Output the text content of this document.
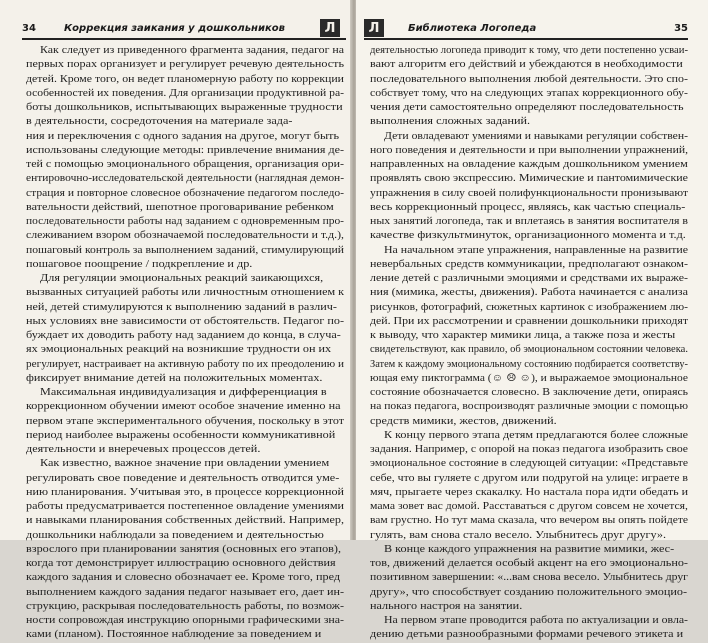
34	Коррекция заикания у дошкольников	Л
Как следует из приведенного фрагмента задания, педагог на
первых порах организует и регулирует речевую деятельность
детей. Кроме того, он ведет планомерную работу по коррекции
особенностей их поведения. Для организации продуктивной ра-
боты дошкольников, испытывающих выраженные трудности
в деятельности, сосредоточения на материале зада-
ния и переключения с одного задания на другое, могут быть
использованы следующие методы: привлечение внимания де-
тей с помощью эмоционального обращения, организация ори-
ентировочно-исследовательской деятельности (наглядная демон-
страция и повторное словесное обозначение педагогом последо-
вательности действий, шепотное проговаривание ребенком
последовательности работы над заданием с одновременным про-
слеживанием взором обозначаемой последовательности и т.д.),
пошаговый контроль за выполнением заданий, стимулирующий
пошаговое поощрение / подкрепление и др.
Для регуляции эмоциональных реакций заикающихся,
вызванных ситуацией работы или личностным отношением к
ней, детей стимулируются к выполнению заданий в различ-
ных условиях вне зависимости от обстоятельств. Педагог по-
буждает их доводить работу над заданием до конца, в случа-
ях эмоциональных реакций на возникшие трудности он их
регулирует, настраивает на активную работу по их преодолению и
фиксирует внимание детей на положительных моментах.
Максимальная индивидуализация и дифференциация в
коррекционном обучении имеют особое значение именно на
первом этапе экспериментального обучения, поскольку в этот
период наиболее выражены особенности коммуникативной
деятельности и внеречевых процессов детей.
Как известно, важное значение при овладении умением
регулировать свое поведение и деятельность отводится уме-
нию планирования. Учитывая это, в процессе коррекционной
работы предусматривается постепенное овладение умениями
и навыками планирования собственных действий. Например,
дошкольники наблюдали за поведением и деятельностью
взрослого при планировании занятия (основных его этапов),
когда тот демонстрирует иллюстрацию основного действия
каждого задания и словесно обозначает ее. Кроме того, пред
выполнением каждого задания педагог называет его, дает ин-
струкцию, раскрывая последовательность работы, по возмож-
ности сопровождая инструкцию опорными графическими зна-
ками (планом). Постоянное наблюдение за поведением и
Л	Библиотека Логопеда	35
деятельностью логопеда приводит к тому, что дети постепенно усваи-
вают алгоритм его действий и убеждаются в необходимости
последовательного выполнения любой деятельности. Это спо-
собствует тому, что на следующих этапах коррекционного обу-
чения дети самостоятельно определяют последовательность
выполнения сложных заданий.
Дети овладевают умениями и навыками регуляции собствен-
ного поведения и деятельности и при выполнении упражнений,
направленных на овладение каждым дошкольником умением
проявлять свою экспрессию. Мимические и пантомимические
упражнения в силу своей полифункциональности пронизывают
весь коррекционный процесс, являясь, как частью специаль-
ных занятий логопеда, так и вплетаясь в занятия воспитателя в
качестве физкультминуток, организационного момента и т.д.
На начальном этапе упражнения, направленные на развитие
невербальных средств коммуникации, предполагают ознаком-
ление детей с различными эмоциями и средствами их выраже-
ния (мимика, жесты, движения). Работа начинается с анализа
рисунков, фотографий, сюжетных картинок с изображением лю-
дей. При их рассмотрении и сравнении дошкольники приходят
к выводу, что характер мимики лица, а также поза и жесты
свидетельствуют, как правило, об эмоциональном состоянии человека.
Затем к каждому эмоциональному состоянию подбирается соответству-
ющая ему пиктограмма (☺ ☹ ☺), и выражаемое эмоциональное
состояние обозначается словесно. В заключение дети, опираясь
на показ педагога, воспроизводят различные эмоции с помощью
средств мимики, жестов, движений.
К концу первого этапа детям предлагаются более сложные
задания. Например, с опорой на показ педагога изобразить свое
эмоциональное состояние в следующей ситуации: «Представьте
себе, что вы гуляете с другом или подругой на улице: играете в
мяч, прыгаете через скакалку. Но настала пора идти обедать и
мама зовет вас домой. Расставаться с другом совсем не хочется,
вам грустно. Но тут мама сказала, что вечером вы опять пойдете
гулять, вам снова стало весело. Улыбнитесь друг другу».
В конце каждого упражнения на развитие мимики, жес-
тов, движений делается особый акцент на его эмоционально-
позитивном завершении: «...вам снова весело. Улыбнитесь друг
другу», что способствует созданию положительного эмоцио-
нального настроя на занятии.
На первом этапе проводится работа по актуализации и овла-
дению детьми разнообразными формами речевого этикета и
